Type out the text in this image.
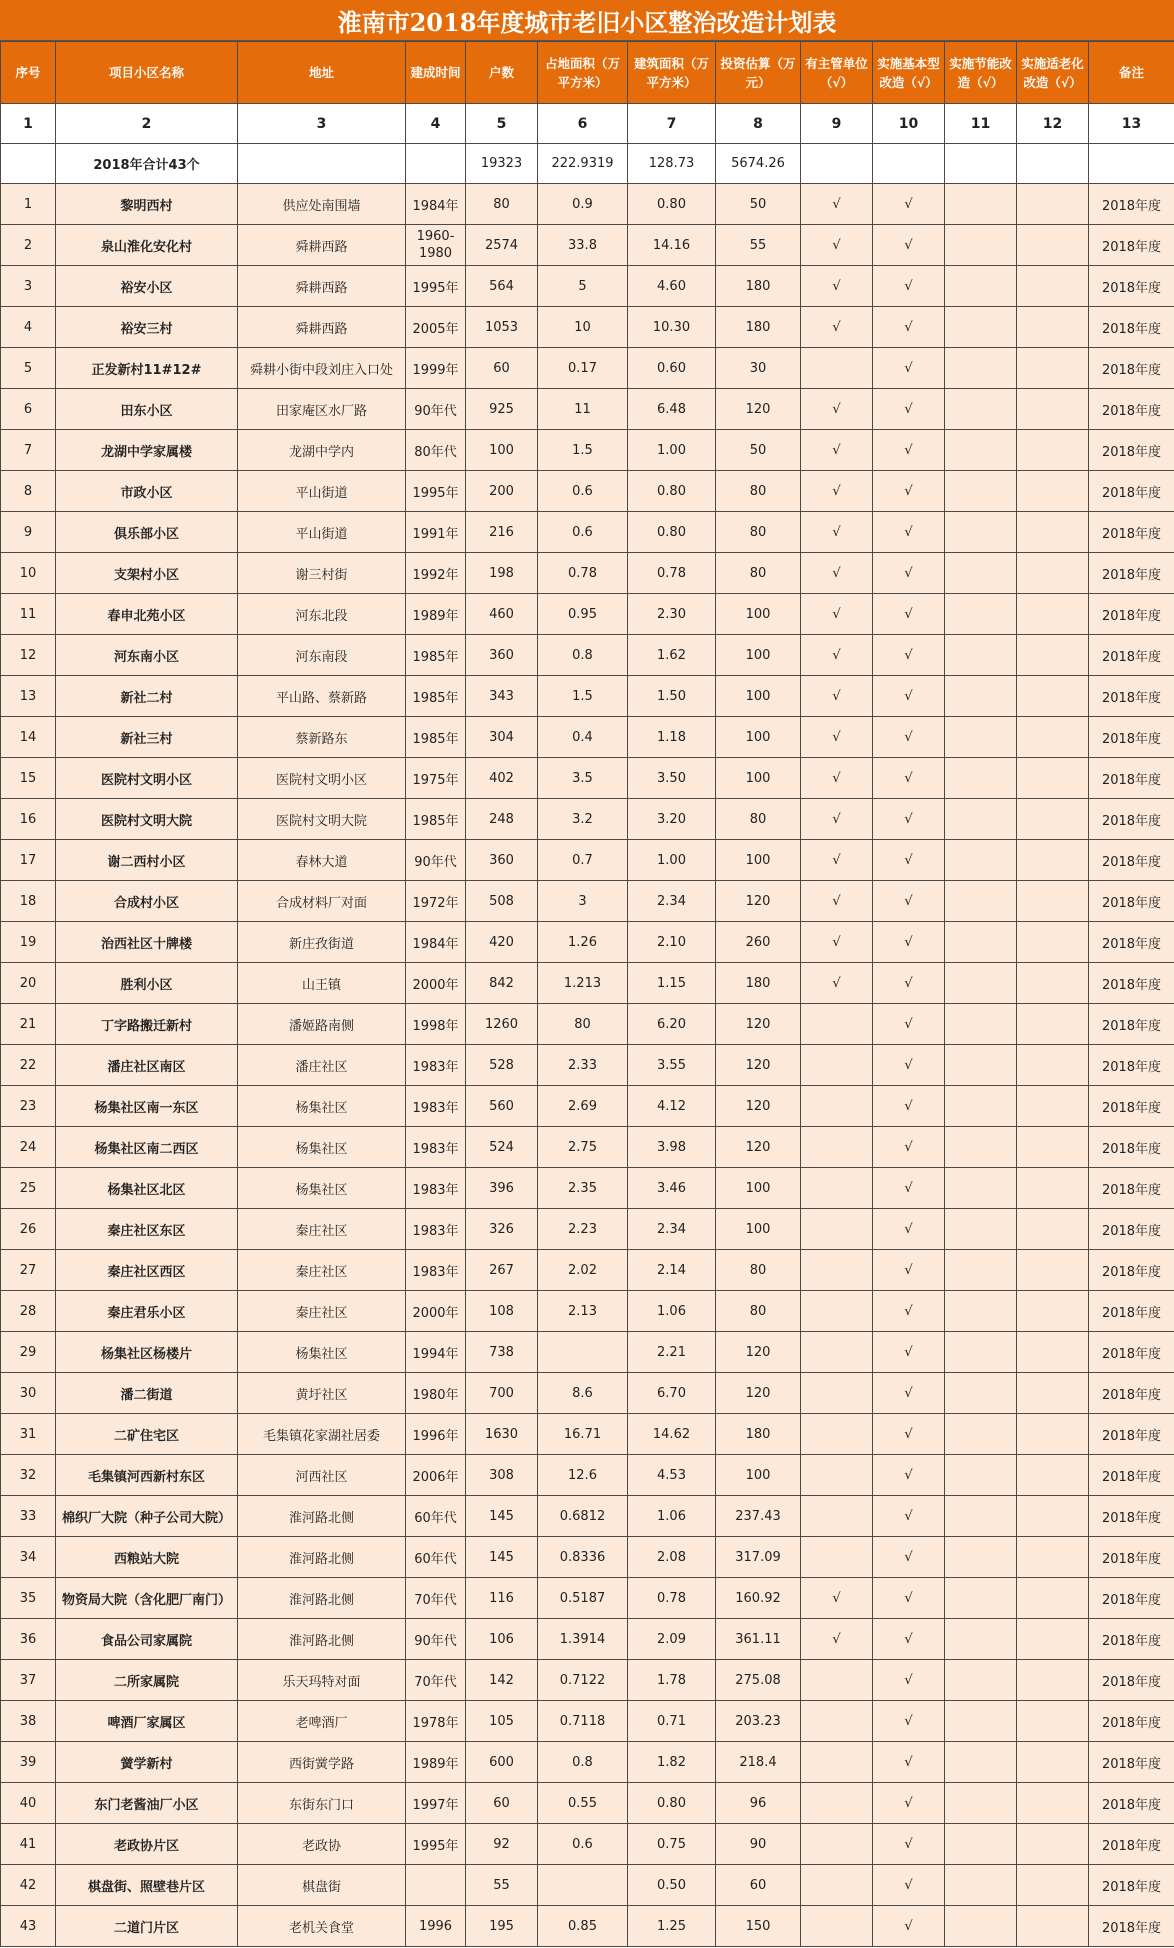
淮南市2018年度城市老旧小区整治改造计划表
序号	项目小区名称	地址	建成时间	户数	占地面积（万平方米）	建筑面积（万平方米）	投资估算（万元）	有主管单位（√）	实施基本型改造（√）	实施节能改造（√）	实施适老化改造（√）	备注
1	2	3	4	5	6	7	8	9	10	11	12	13
	2018年合计43个			19323	222.9319	128.73	5674.26					
1	黎明西村	供应处南围墙	1984年	80	0.9	0.80	50	√	√			2018年度
2	泉山淮化安化村	舜耕西路	1960-1980	2574	33.8	14.16	55	√	√			2018年度
3	裕安小区	舜耕西路	1995年	564	5	4.60	180	√	√			2018年度
4	裕安三村	舜耕西路	2005年	1053	10	10.30	180	√	√			2018年度
5	正发新村11#12#	舜耕小街中段刘庄入口处	1999年	60	0.17	0.60	30		√			2018年度
6	田东小区	田家庵区水厂路	90年代	925	11	6.48	120	√	√			2018年度
7	龙湖中学家属楼	龙湖中学内	80年代	100	1.5	1.00	50	√	√			2018年度
8	市政小区	平山街道	1995年	200	0.6	0.80	80	√	√			2018年度
9	俱乐部小区	平山街道	1991年	216	0.6	0.80	80	√	√			2018年度
10	支架村小区	谢三村街	1992年	198	0.78	0.78	80	√	√			2018年度
11	春申北苑小区	河东北段	1989年	460	0.95	2.30	100	√	√			2018年度
12	河东南小区	河东南段	1985年	360	0.8	1.62	100	√	√			2018年度
13	新社二村	平山路、蔡新路	1985年	343	1.5	1.50	100	√	√			2018年度
14	新社三村	蔡新路东	1985年	304	0.4	1.18	100	√	√			2018年度
15	医院村文明小区	医院村文明小区	1975年	402	3.5	3.50	100	√	√			2018年度
16	医院村文明大院	医院村文明大院	1985年	248	3.2	3.20	80	√	√			2018年度
17	谢二西村小区	春林大道	90年代	360	0.7	1.00	100	√	√			2018年度
18	合成村小区	合成材料厂对面	1972年	508	3	2.34	120	√	√			2018年度
19	治西社区十牌楼	新庄孜街道	1984年	420	1.26	2.10	260	√	√			2018年度
20	胜利小区	山王镇	2000年	842	1.213	1.15	180	√	√			2018年度
21	丁字路搬迁新村	潘姬路南侧	1998年	1260	80	6.20	120		√			2018年度
22	潘庄社区南区	潘庄社区	1983年	528	2.33	3.55	120		√			2018年度
23	杨集社区南一东区	杨集社区	1983年	560	2.69	4.12	120		√			2018年度
24	杨集社区南二西区	杨集社区	1983年	524	2.75	3.98	120		√			2018年度
25	杨集社区北区	杨集社区	1983年	396	2.35	3.46	100		√			2018年度
26	秦庄社区东区	秦庄社区	1983年	326	2.23	2.34	100		√			2018年度
27	秦庄社区西区	秦庄社区	1983年	267	2.02	2.14	80		√			2018年度
28	秦庄君乐小区	秦庄社区	2000年	108	2.13	1.06	80		√			2018年度
29	杨集社区杨楼片	杨集社区	1994年	738		2.21	120		√			2018年度
30	潘二街道	黄圩社区	1980年	700	8.6	6.70	120		√			2018年度
31	二矿住宅区	毛集镇花家湖社居委	1996年	1630	16.71	14.62	180		√			2018年度
32	毛集镇河西新村东区	河西社区	2006年	308	12.6	4.53	100		√			2018年度
33	棉织厂大院（种子公司大院）	淮河路北侧	60年代	145	0.6812	1.06	237.43		√			2018年度
34	西粮站大院	淮河路北侧	60年代	145	0.8336	2.08	317.09		√			2018年度
35	物资局大院（含化肥厂南门）	淮河路北侧	70年代	116	0.5187	0.78	160.92	√	√			2018年度
36	食品公司家属院	淮河路北侧	90年代	106	1.3914	2.09	361.11	√	√			2018年度
37	二所家属院	乐天玛特对面	70年代	142	0.7122	1.78	275.08		√			2018年度
38	啤酒厂家属区	老啤酒厂	1978年	105	0.7118	0.71	203.23		√			2018年度
39	黉学新村	西街黉学路	1989年	600	0.8	1.82	218.4		√			2018年度
40	东门老酱油厂小区	东街东门口	1997年	60	0.55	0.80	96		√			2018年度
41	老政协片区	老政协	1995年	92	0.6	0.75	90		√			2018年度
42	棋盘街、照壁巷片区	棋盘街		55		0.50	60		√			2018年度
43	二道门片区	老机关食堂	1996	195	0.85	1.25	150		√			2018年度
